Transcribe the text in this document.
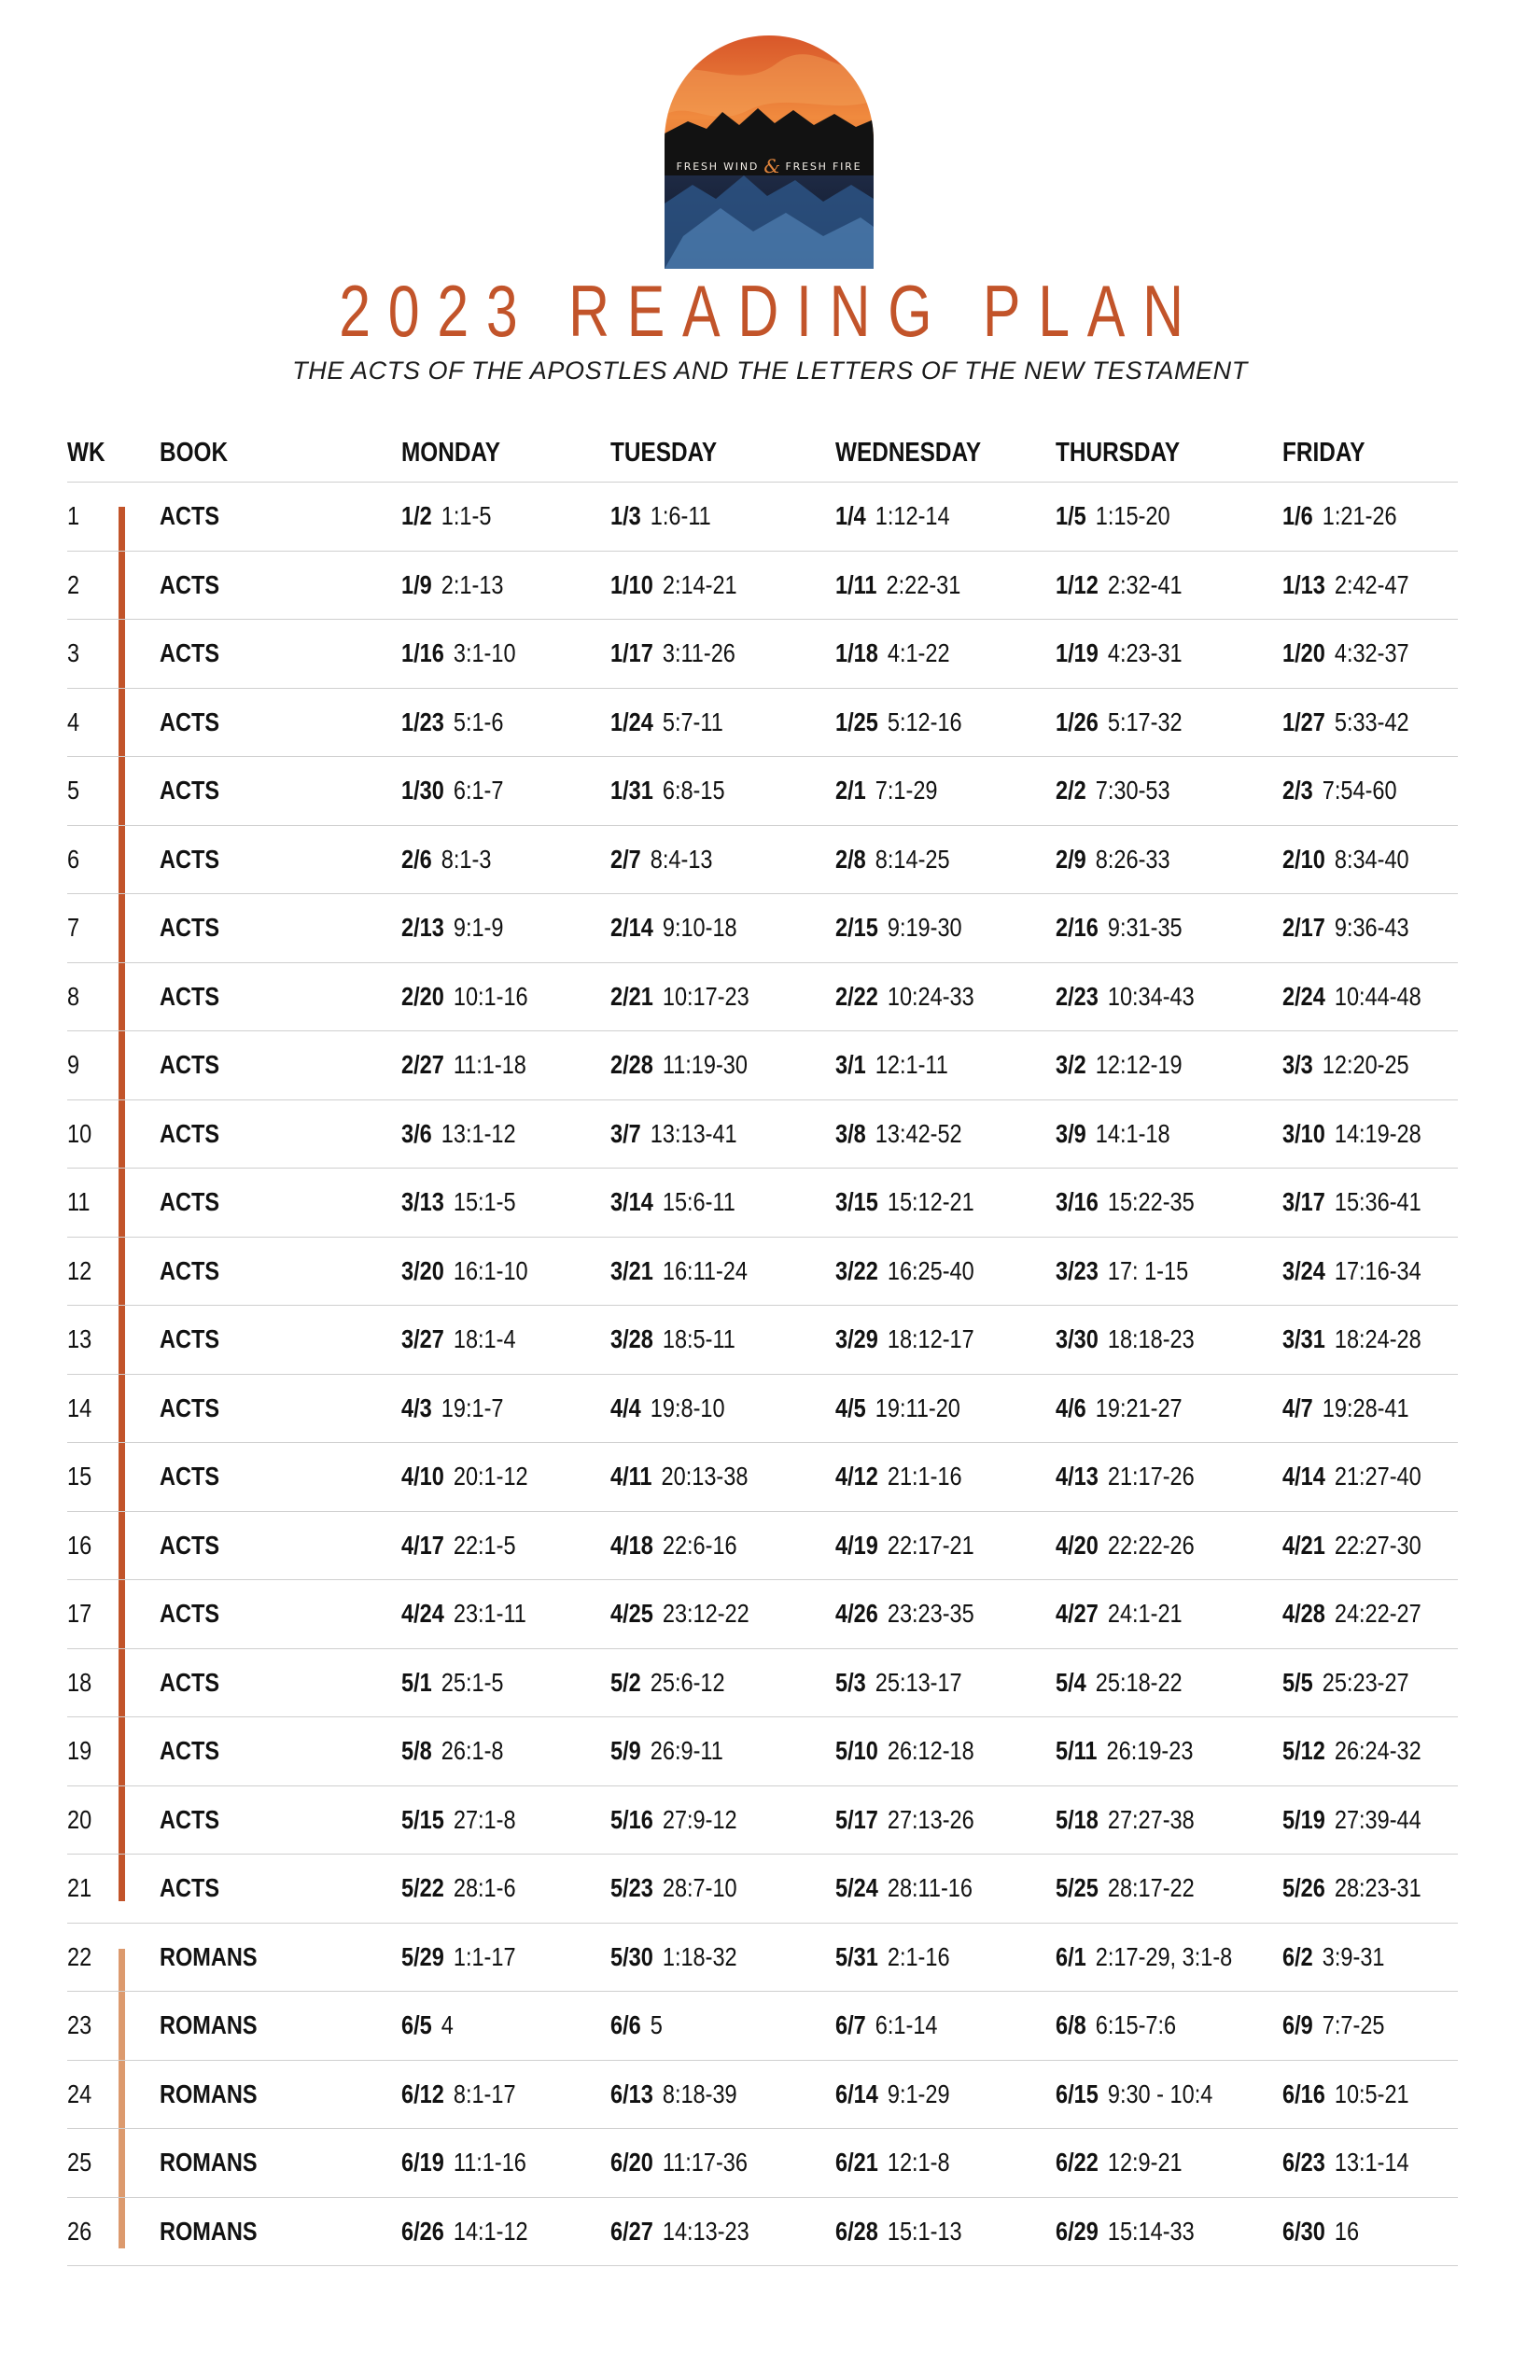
FRESH WIND & FRESH FIRE
2023 READING PLAN
THE ACTS OF THE APOSTLES AND THE LETTERS OF THE NEW TESTAMENT
WK BOOK	MONDAY	TUESDAY	WEDNESDAY	THURSDAY	FRIDAY
1	ACTS	1/2 1:1-5	1/3 1:6-11	1/4 1:12-14	1/5 1:15-20	1/6 1:21-26
2	ACTS	1/9 2:1-13	1/10 2:14-21	1/11 2:22-31	1/12 2:32-41	1/13 2:42-47
3	ACTS	1/16 3:1-10	1/17 3:11-26	1/18 4:1-22	1/19 4:23-31	1/20 4:32-37
4	ACTS	1/23 5:1-6	1/24 5:7-11	1/25 5:12-16	1/26 5:17-32	1/27 5:33-42
5	ACTS	1/30 6:1-7	1/31 6:8-15	2/1 7:1-29	2/2 7:30-53	2/3 7:54-60
6	ACTS	2/6 8:1-3	2/7 8:4-13	2/8 8:14-25	2/9 8:26-33	2/10 8:34-40
7	ACTS	2/13 9:1-9	2/14 9:10-18	2/15 9:19-30	2/16 9:31-35	2/17 9:36-43
8	ACTS	2/20 10:1-16	2/21 10:17-23	2/22 10:24-33	2/23 10:34-43	2/24 10:44-48
9	ACTS	2/27 11:1-18	2/28 11:19-30	3/1 12:1-11	3/2 12:12-19	3/3 12:20-25
10	ACTS	3/6 13:1-12	3/7 13:13-41	3/8 13:42-52	3/9 14:1-18	3/10 14:19-28
11	ACTS	3/13 15:1-5	3/14 15:6-11	3/15 15:12-21	3/16 15:22-35	3/17 15:36-41
12	ACTS	3/20 16:1-10	3/21 16:11-24	3/22 16:25-40	3/23 17: 1-15	3/24 17:16-34
13	ACTS	3/27 18:1-4	3/28 18:5-11	3/29 18:12-17	3/30 18:18-23	3/31 18:24-28
14	ACTS	4/3 19:1-7	4/4 19:8-10	4/5 19:11-20	4/6 19:21-27	4/7 19:28-41
15	ACTS	4/10 20:1-12	4/11 20:13-38	4/12 21:1-16	4/13 21:17-26	4/14 21:27-40
16	ACTS	4/17 22:1-5	4/18 22:6-16	4/19 22:17-21	4/20 22:22-26	4/21 22:27-30
17	ACTS	4/24 23:1-11	4/25 23:12-22	4/26 23:23-35	4/27 24:1-21	4/28 24:22-27
18	ACTS	5/1 25:1-5	5/2 25:6-12	5/3 25:13-17	5/4 25:18-22	5/5 25:23-27
19	ACTS	5/8 26:1-8	5/9 26:9-11	5/10 26:12-18	5/11 26:19-23	5/12 26:24-32
20	ACTS	5/15 27:1-8	5/16 27:9-12	5/17 27:13-26	5/18 27:27-38	5/19 27:39-44
21	ACTS	5/22 28:1-6	5/23 28:7-10	5/24 28:11-16	5/25 28:17-22	5/26 28:23-31
22	ROMANS	5/29 1:1-17	5/30 1:18-32	5/31 2:1-16	6/1 2:17-29, 3:1-8 6/2 3:9-31
23	ROMANS	6/5 4	6/6 5	6/7 6:1-14	6/8 6:15-7:6	6/9 7:7-25
24	ROMANS	6/12 8:1-17	6/13 8:18-39	6/14 9:1-29	6/15 9:30 - 10:4	6/16 10:5-21
25	ROMANS	6/19 11:1-16	6/20 11:17-36	6/21 12:1-8	6/22 12:9-21	6/23 13:1-14
26	ROMANS	6/26 14:1-12	6/27 14:13-23	6/28 15:1-13	6/29 15:14-33	6/30 16
